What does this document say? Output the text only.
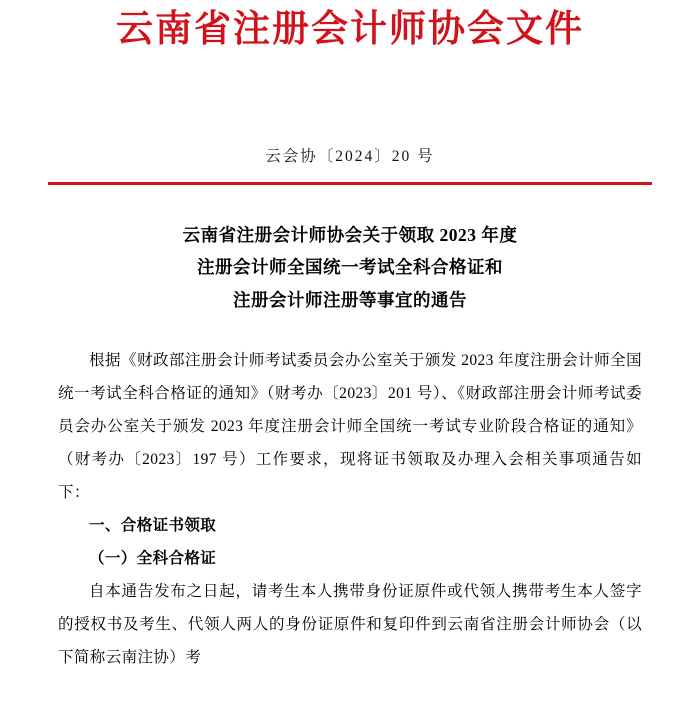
云南省注册会计师协会文件
云会协〔2024〕20 号
云南省注册会计师协会关于领取 2023 年度
注册会计师全国统一考试全科合格证和
注册会计师注册等事宜的通告

根据《财政部注册会计师考试委员会办公室关于颁发 2023 年度注册会计师全国统一考试全科合格证的通知》（财考办〔2023〕201 号）、《财政部注册会计师考试委员会办公室关于颁发 2023 年度注册会计师全国统一考试专业阶段合格证的通知》（财考办〔2023〕197 号）工作要求，现将证书领取及办理入会相关事项通告如下：

一、合格证书领取

（一）全科合格证

自本通告发布之日起，请考生本人携带身份证原件或代领人携带考生本人签字的授权书及考生、代领人两人的身份证原件和复印件到云南省注册会计师协会（以下简称云南注协）考
